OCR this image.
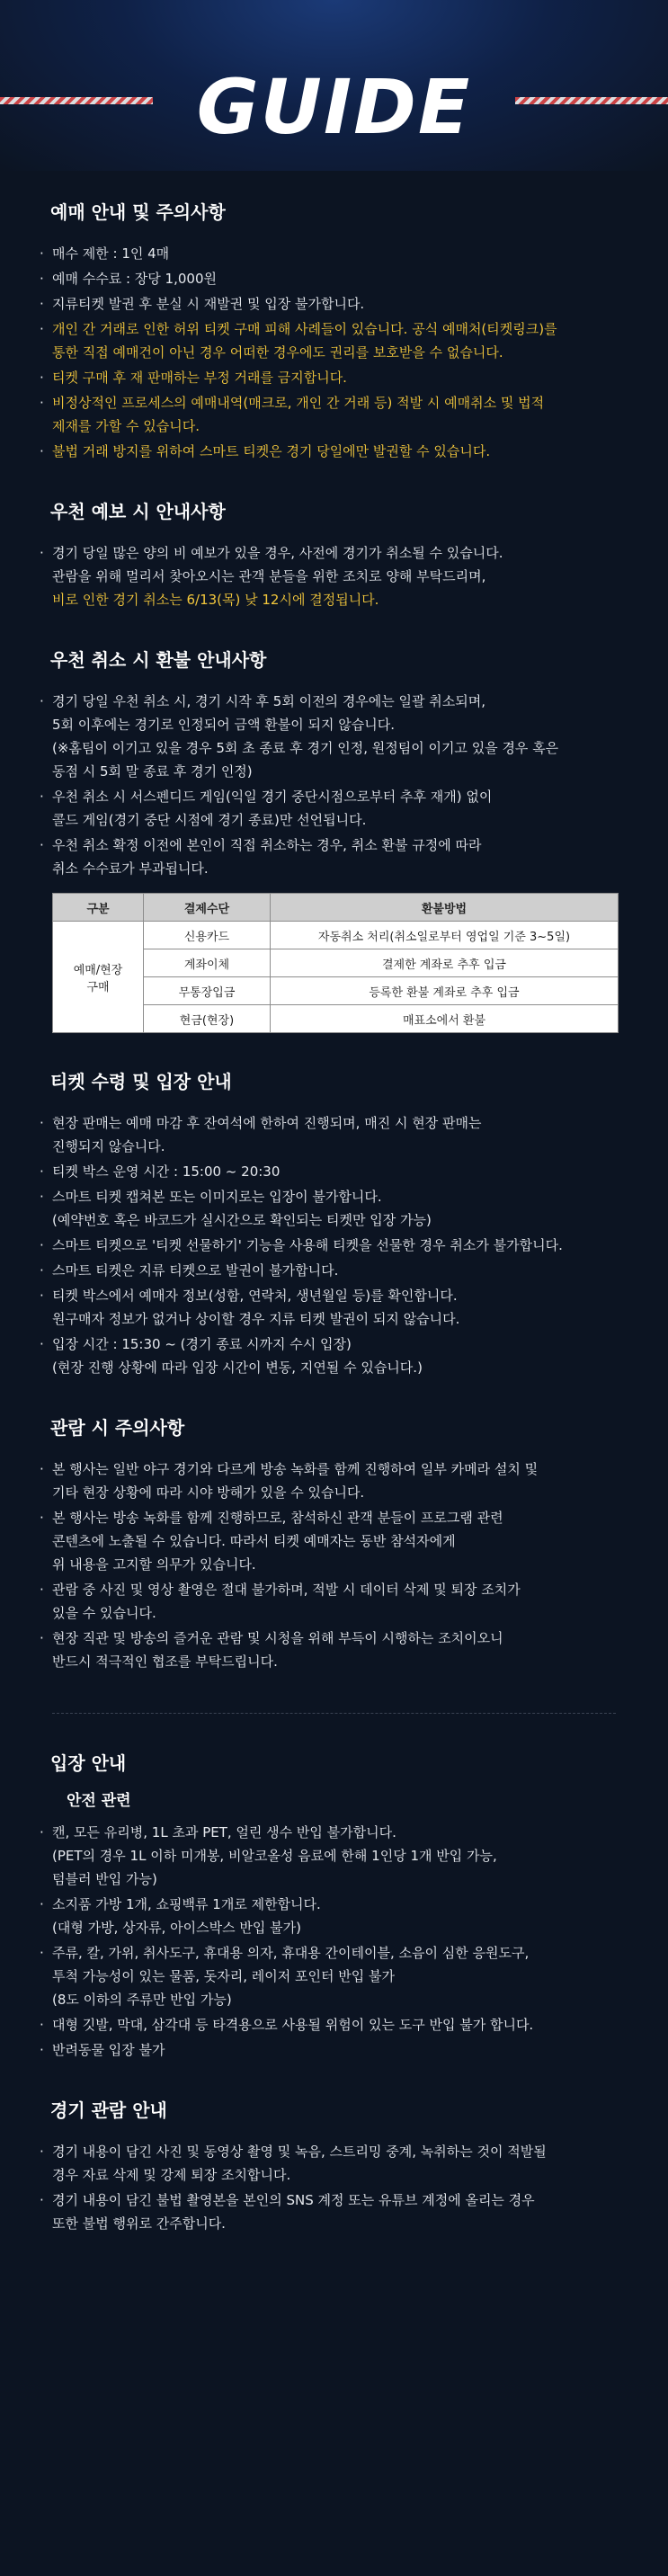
GUIDE
예매 안내 및 주의사항
· 매수 제한 : 1인 4매
· 예매 수수료 : 장당 1,000원
· 지류티켓 발권 후 분실 시 재발권 및 입장 불가합니다.
· 개인 간 거래로 인한 허위 티켓 구매 피해 사례들이 있습니다. 공식 예매처(티켓링크)를
통한 직접 예매건이 아닌 경우 어떠한 경우에도 권리를 보호받을 수 없습니다.
· 티켓 구매 후 재 판매하는 부정 거래를 금지합니다.
· 비정상적인 프로세스의 예매내역(매크로, 개인 간 거래 등) 적발 시 예매취소 및 법적
제재를 가할 수 있습니다.
· 불법 거래 방지를 위하여 스마트 티켓은 경기 당일에만 발권할 수 있습니다.
우천 예보 시 안내사항
· 경기 당일 많은 양의 비 예보가 있을 경우, 사전에 경기가 취소될 수 있습니다.
관람을 위해 멀리서 찾아오시는 관객 분들을 위한 조치로 양해 부탁드리며,
비로 인한 경기 취소는 6/13(목) 낮 12시에 결정됩니다.
우천 취소 시 환불 안내사항
· 경기 당일 우천 취소 시, 경기 시작 후 5회 이전의 경우에는 일괄 취소되며,
5회 이후에는 경기로 인정되어 금액 환불이 되지 않습니다.
(※홈팀이 이기고 있을 경우 5회 초 종료 후 경기 인정, 원정팀이 이기고 있을 경우 혹은
동점 시 5회 말 종료 후 경기 인정)
· 우천 취소 시 서스펜디드 게임(익일 경기 중단시점으로부터 추후 재개) 없이
콜드 게임(경기 중단 시점에 경기 종료)만 선언됩니다.
· 우천 취소 확정 이전에 본인이 직접 취소하는 경우, 취소 환불 규정에 따라
취소 수수료가 부과됩니다.
구분	결제수단	환불방법
예매/현장
구매	신용카드	자동취소 처리(취소일로부터 영업일 기준 3~5일)
	계좌이체	결제한 계좌로 추후 입금
	무통장입금	등록한 환불 계좌로 추후 입금
	현금(현장)	매표소에서 환불
티켓 수령 및 입장 안내
· 현장 판매는 예매 마감 후 잔여석에 한하여 진행되며, 매진 시 현장 판매는
진행되지 않습니다.
· 티켓 박스 운영 시간 : 15:00 ~ 20:30
· 스마트 티켓 캡쳐본 또는 이미지로는 입장이 불가합니다.
(예약번호 혹은 바코드가 실시간으로 확인되는 티켓만 입장 가능)
· 스마트 티켓으로 '티켓 선물하기' 기능을 사용해 티켓을 선물한 경우 취소가 불가합니다.
· 스마트 티켓은 지류 티켓으로 발권이 불가합니다.
· 티켓 박스에서 예매자 정보(성함, 연락처, 생년월일 등)를 확인합니다.
원구매자 정보가 없거나 상이할 경우 지류 티켓 발권이 되지 않습니다.
· 입장 시간 : 15:30 ~ (경기 종료 시까지 수시 입장)
(현장 진행 상황에 따라 입장 시간이 변동, 지연될 수 있습니다.)
관람 시 주의사항
· 본 행사는 일반 야구 경기와 다르게 방송 녹화를 함께 진행하여 일부 카메라 설치 및
기타 현장 상황에 따라 시야 방해가 있을 수 있습니다.
· 본 행사는 방송 녹화를 함께 진행하므로, 참석하신 관객 분들이 프로그램 관련
콘텐츠에 노출될 수 있습니다. 따라서 티켓 예매자는 동반 참석자에게
위 내용을 고지할 의무가 있습니다.
· 관람 중 사진 및 영상 촬영은 절대 불가하며, 적발 시 데이터 삭제 및 퇴장 조치가
있을 수 있습니다.
· 현장 직관 및 방송의 즐거운 관람 및 시청을 위해 부득이 시행하는 조치이오니
반드시 적극적인 협조를 부탁드립니다.
입장 안내
안전 관련
· 캔, 모든 유리병, 1L 초과 PET, 얼린 생수 반입 불가합니다.
(PET의 경우 1L 이하 미개봉, 비알코올성 음료에 한해 1인당 1개 반입 가능,
텀블러 반입 가능)
· 소지품 가방 1개, 쇼핑백류 1개로 제한합니다.
(대형 가방, 상자류, 아이스박스 반입 불가)
· 주류, 칼, 가위, 취사도구, 휴대용 의자, 휴대용 간이테이블, 소음이 심한 응원도구,
투척 가능성이 있는 물품, 돗자리, 레이저 포인터 반입 불가
(8도 이하의 주류만 반입 가능)
· 대형 깃발, 막대, 삼각대 등 타격용으로 사용될 위험이 있는 도구 반입 불가 합니다.
· 반려동물 입장 불가
경기 관람 안내
· 경기 내용이 담긴 사진 및 동영상 촬영 및 녹음, 스트리밍 중계, 녹취하는 것이 적발될
경우 자료 삭제 및 강제 퇴장 조치합니다.
· 경기 내용이 담긴 불법 촬영본을 본인의 SNS 계정 또는 유튜브 계정에 올리는 경우
또한 불법 행위로 간주합니다.
